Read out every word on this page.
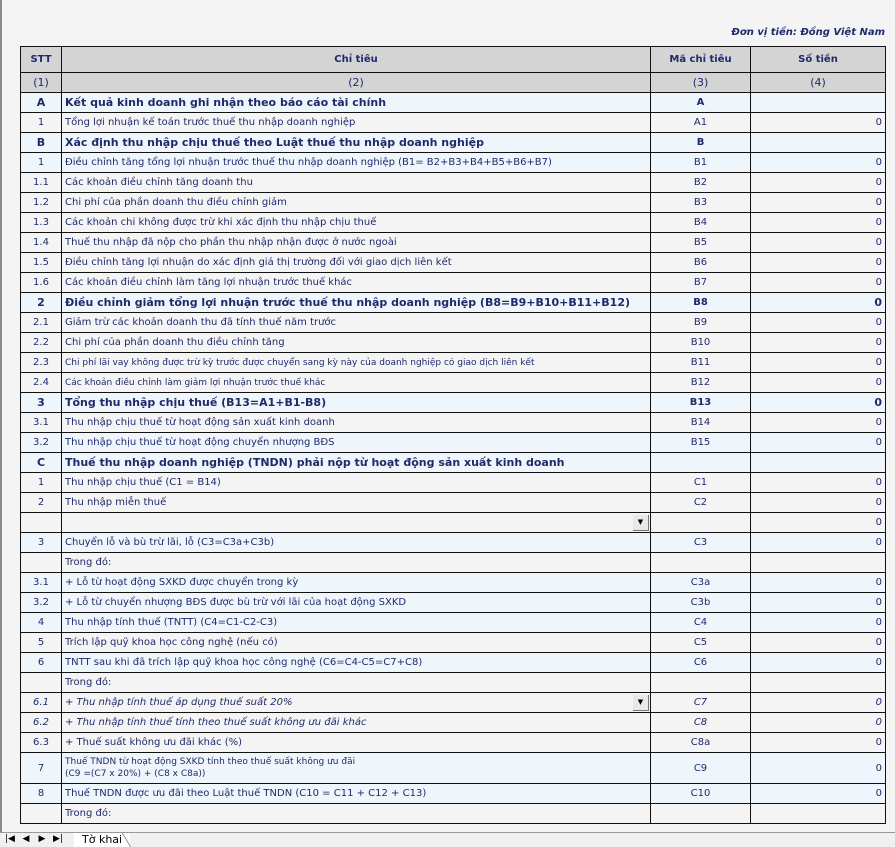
Đơn vị tiền: Đồng Việt Nam
STT	Chỉ tiêu	Mã chỉ tiêu	Số tiền
(1)	(2)	(3)	(4)
A	Kết quả kinh doanh ghi nhận theo báo cáo tài chính	A	
1	Tổng lợi nhuận kế toán trước thuế thu nhập doanh nghiệp	A1	0
B	Xác định thu nhập chịu thuế theo Luật thuế thu nhập doanh nghiệp	B	
1	Điều chỉnh tăng tổng lợi nhuận trước thuế thu nhập doanh nghiệp (B1= B2+B3+B4+B5+B6+B7)	B1	0
1.1	Các khoản điều chỉnh tăng doanh thu	B2	0
1.2	Chi phí của phần doanh thu điều chỉnh giảm	B3	0
1.3	Các khoản chi không được trừ khi xác định thu nhập chịu thuế	B4	0
1.4	Thuế thu nhập đã nộp cho phần thu nhập nhận được ở nước ngoài	B5	0
1.5	Điều chỉnh tăng lợi nhuận do xác định giá thị trường đối với giao dịch liên kết	B6	0
1.6	Các khoản điều chỉnh làm tăng lợi nhuận trước thuế khác	B7	0
2	Điều chỉnh giảm tổng lợi nhuận trước thuế thu nhập doanh nghiệp (B8=B9+B10+B11+B12)	B8	0
2.1	Giảm trừ các khoản doanh thu đã tính thuế năm trước	B9	0
2.2	Chi phí của phần doanh thu điều chỉnh tăng	B10	0
2.3	Chi phí lãi vay không được trừ kỳ trước được chuyển sang kỳ này của doanh nghiệp có giao dịch liên kết	B11	0
2.4	Các khoản điều chỉnh làm giảm lợi nhuận trước thuế khác	B12	0
3	Tổng thu nhập chịu thuế (B13=A1+B1-B8)	B13	0
3.1	Thu nhập chịu thuế từ hoạt động sản xuất kinh doanh	B14	0
3.2	Thu nhập chịu thuế từ hoạt động chuyển nhượng BĐS	B15	0
C	Thuế thu nhập doanh nghiệp (TNDN) phải nộp từ hoạt động sản xuất kinh doanh		
1	Thu nhập chịu thuế (C1 = B14)	C1	0
2	Thu nhập miễn thuế	C2	0

	▼		0
3	Chuyển lỗ và bù trừ lãi, lỗ (C3=C3a+C3b)	C3	0
	Trong đó:		
3.1	+ Lỗ từ hoạt động SXKD được chuyển trong kỳ	C3a	0
3.2	+ Lỗ từ chuyển nhượng BĐS được bù trừ với lãi của hoạt động SXKD	C3b	0
4	Thu nhập tính thuế (TNTT) (C4=C1-C2-C3)	C4	0
5	Trích lập quỹ khoa học công nghệ (nếu có)	C5	0
6	TNTT sau khi đã trích lập quỹ khoa học công nghệ (C6=C4-C5=C7+C8)	C6	0
	Trong đó:		
6.1	+ Thu nhập tính thuế áp dụng thuế suất 20% ▼	C7	0
6.2	+ Thu nhập tính thuế tính theo thuế suất không ưu đãi khác	C8	0
6.3	+ Thuế suất không ưu đãi khác (%)	C8a	0
7	Thuế TNDN từ hoạt động SXKD tính theo thuế suất không ưu đãi
(C9 =(C7 x 20%) + (C8 x C8a))	C9	0
8	Thuế TNDN được ưu đãi theo Luật thuế TNDN (C10 = C11 + C12 + C13)	C10	0
	Trong đó:		
|◀ ◀ ▶ ▶|	Tờ khai
